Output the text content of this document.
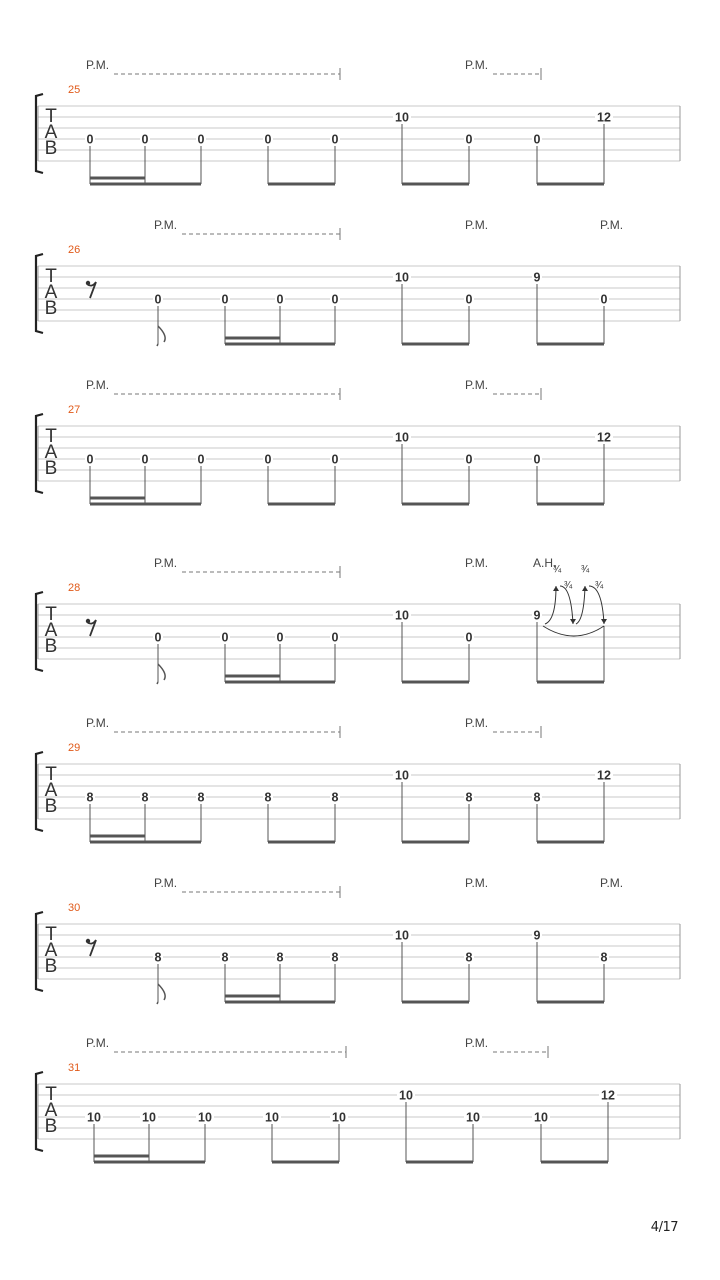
T
A
B
25
P.M.	P.M.
0	0	0	0	0
10
0	0
12
T
A
B
26
P.M.	P.M.	P.M.
0	0	0	0
10
0
9
0
T
A
B
27
P.M.	P.M.
0	0	0	0	0
10
0	0
12
T
A
B
28
P.M.	P.M.	A.H.
0	0	0	0
10
0
9
¾
¾
¾
¾
T
A
B
29
P.M.	P.M.
8	8	8	8	8
10
8	8
12
T
A
B
30
P.M.	P.M.	P.M.
8	8	8	8
10
8
9
8
T
A
B
31
P.M.	P.M.
10	10	10	10	10
10
10	10
12
4/17
